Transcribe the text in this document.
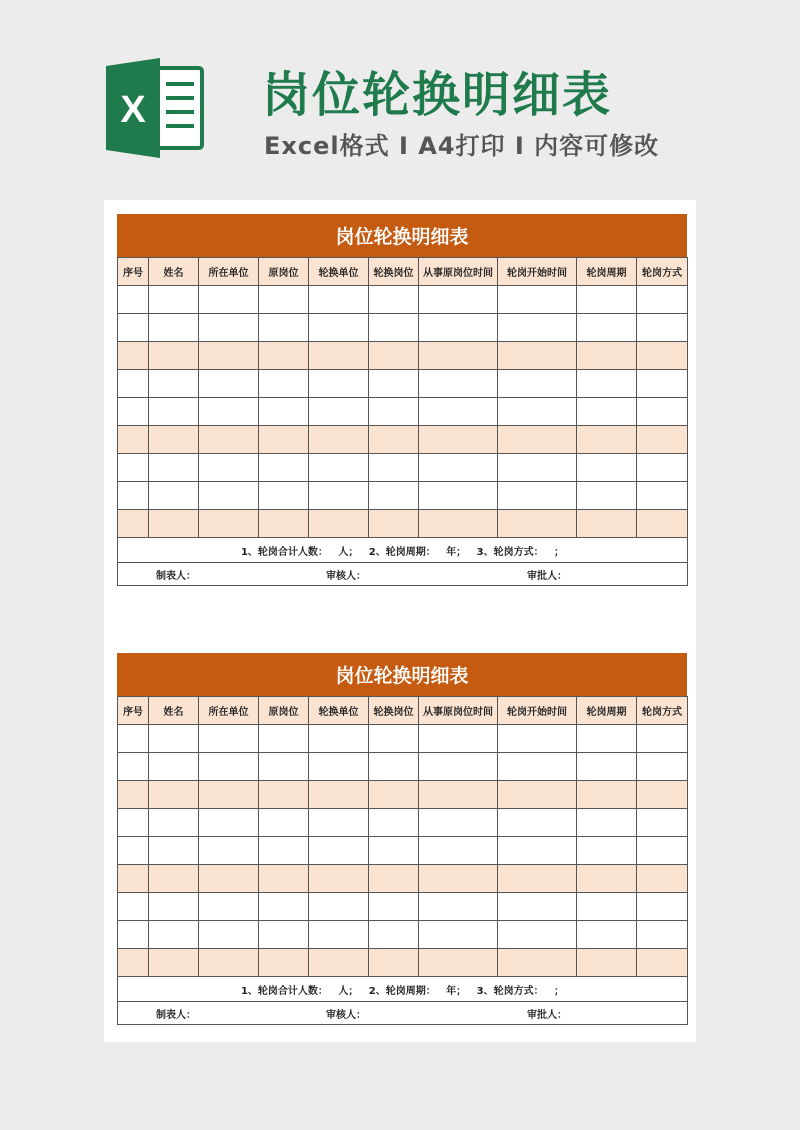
X 岗位轮换明细表
Excel格式 I A4打印 I 内容可修改
岗位轮换明细表
序号	姓名	所在单位	原岗位	轮换单位	轮换岗位	从事原岗位时间	轮岗开始时间	轮岗周期	轮岗方式

1、轮岗合计人数：   人；   2、轮岗周期：   年；   3、轮岗方式：   ；									

制表人： 审核人： 审批人：									
岗位轮换明细表
序号	姓名	所在单位	原岗位	轮换单位	轮换岗位	从事原岗位时间	轮岗开始时间	轮岗周期	轮岗方式

1、轮岗合计人数：   人；   2、轮岗周期：   年；   3、轮岗方式：   ；									

制表人： 审核人： 审批人：									
